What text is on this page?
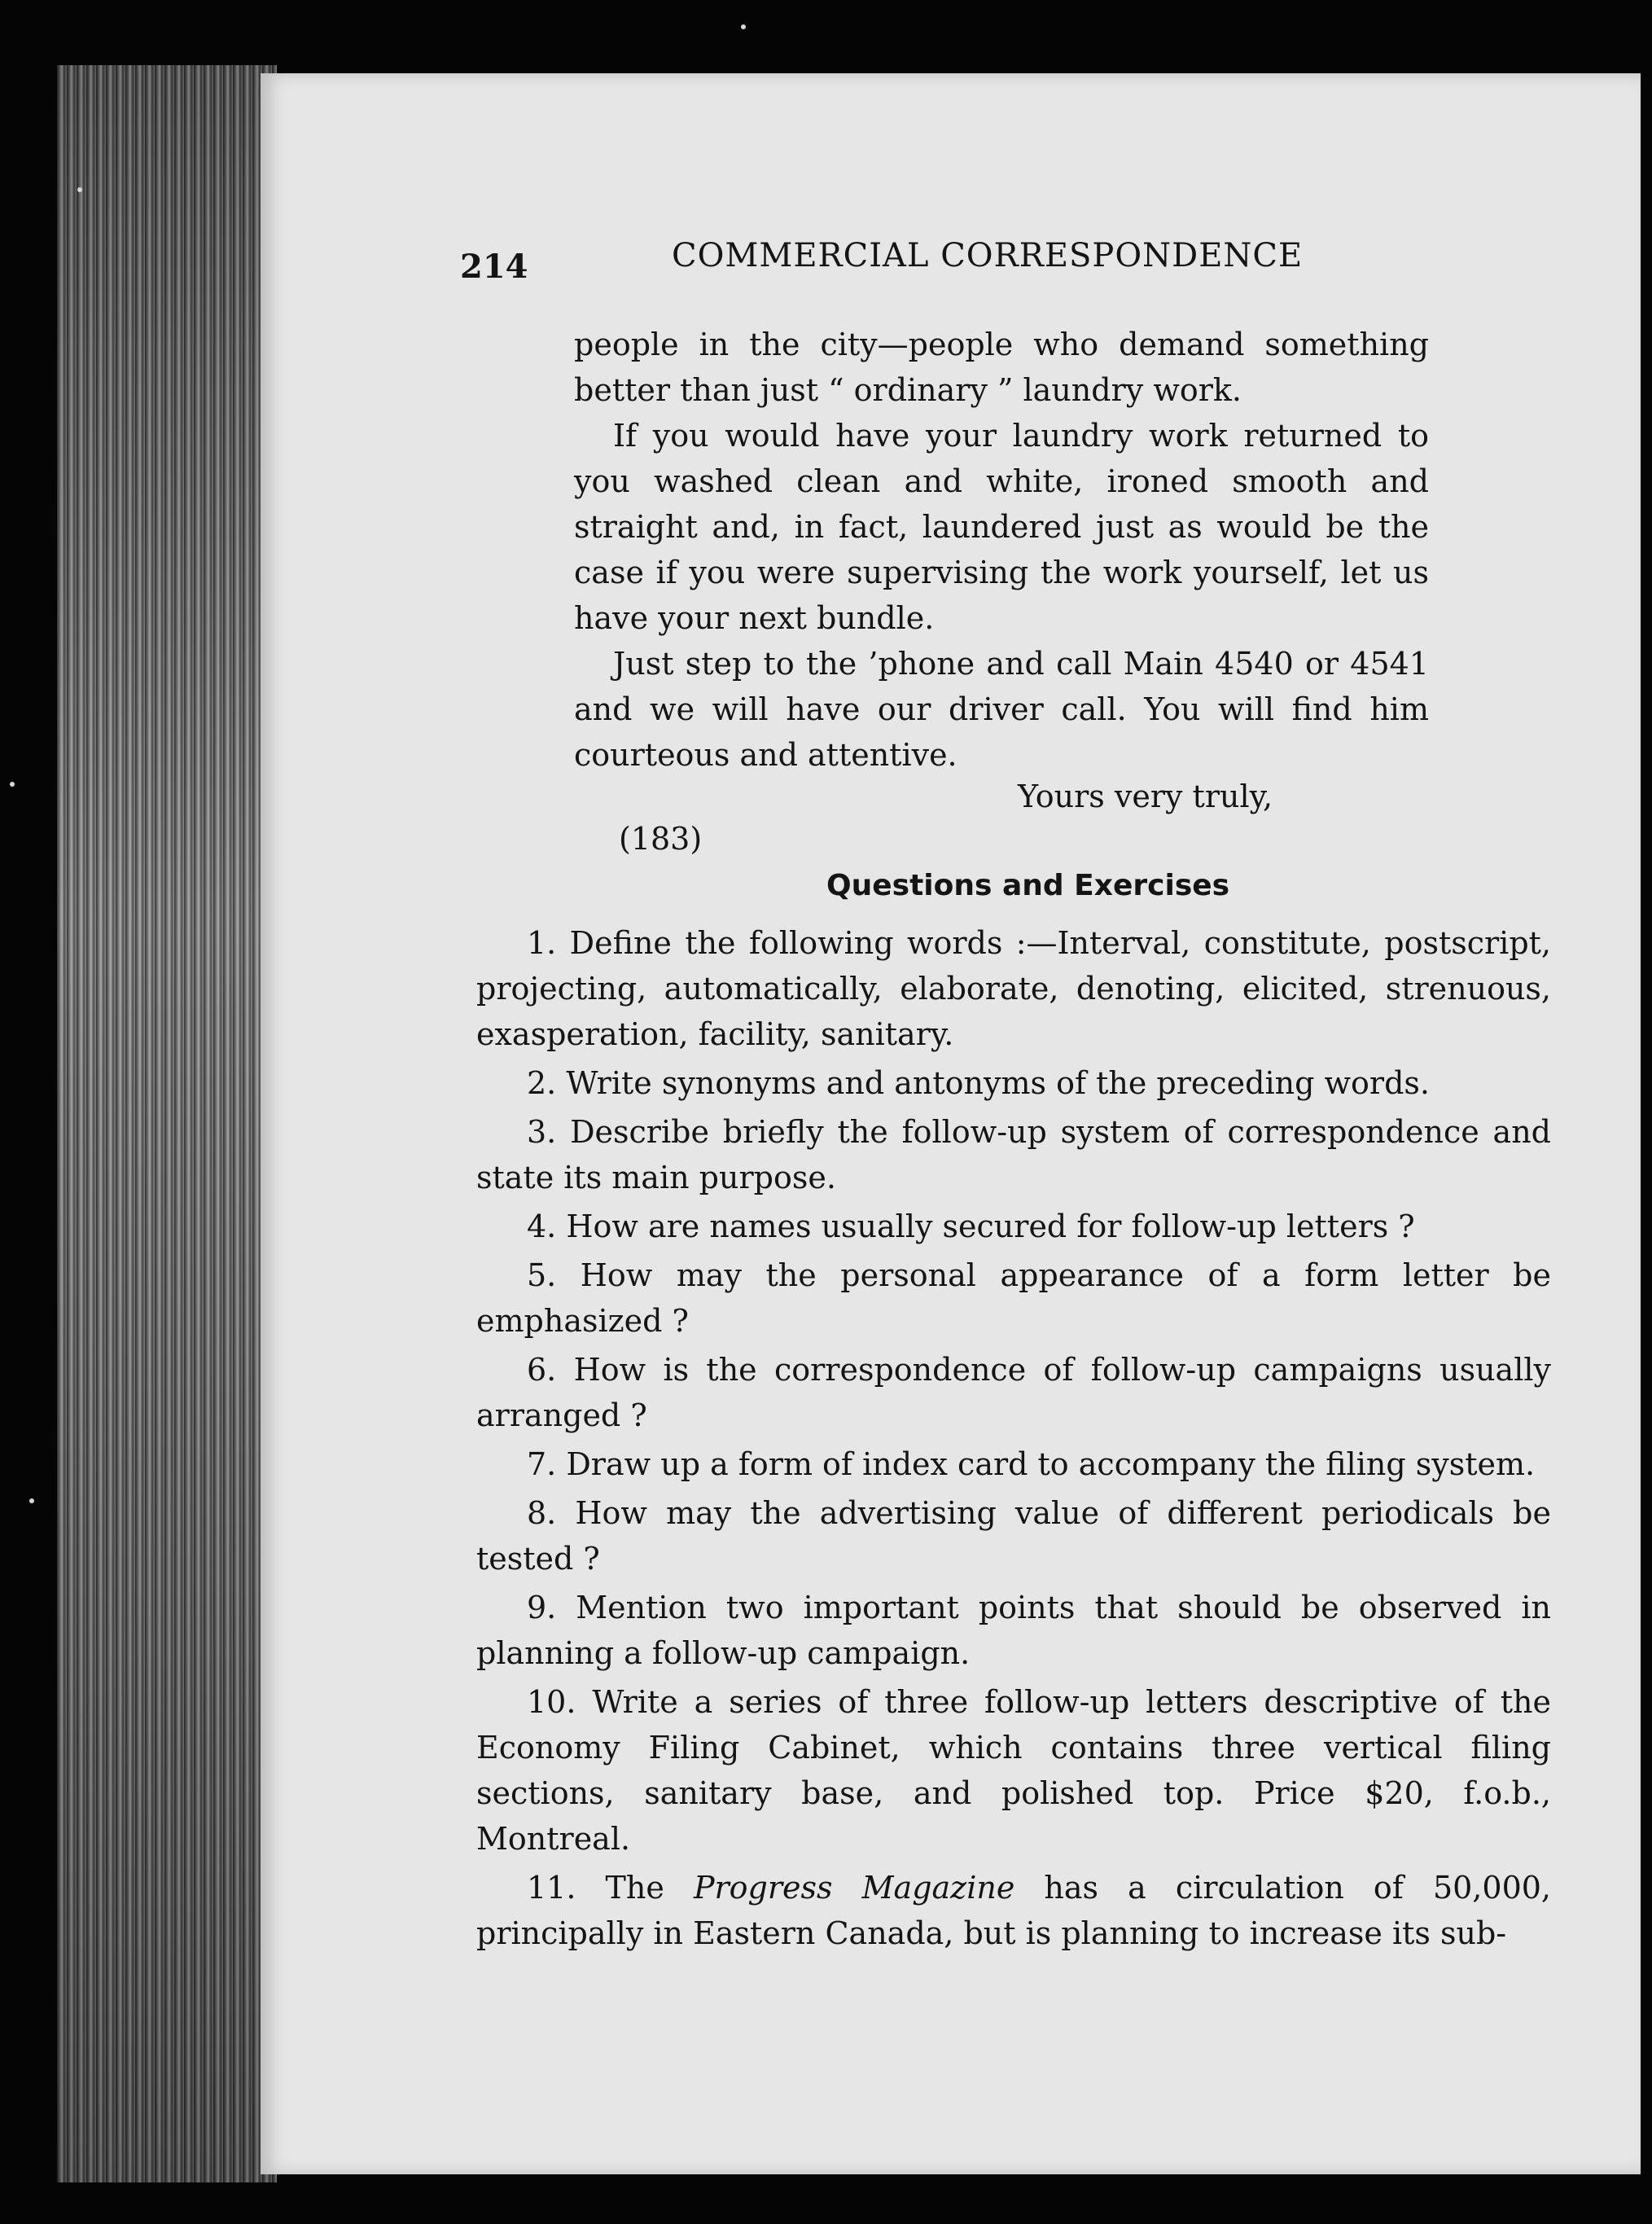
214	COMMERCIAL CORRESPONDENCE

people in the city—people who demand something better than just “ ordinary ” laundry work.

If you would have your laundry work returned to you washed clean and white, ironed smooth and straight and, in fact, laundered just as would be the case if you were supervising the work yourself, let us have your next bundle.

Just step to the ’phone and call Main 4540 or 4541 and we will have our driver call. You will find him courteous and attentive.

Yours very truly,
(183)
Questions and Exercises

1. Define the following words :—Interval, constitute, postscript, projecting, automatically, elaborate, denoting, elicited, strenuous, exasperation, facility, sanitary.

2. Write synonyms and antonyms of the preceding words.

3. Describe briefly the follow-up system of correspondence and state its main purpose.

4. How are names usually secured for follow-up letters ?

5. How may the personal appearance of a form letter be emphasized ?

6. How is the correspondence of follow-up campaigns usually arranged ?

7. Draw up a form of index card to accompany the filing system.

8. How may the advertising value of different periodicals be tested ?

9. Mention two important points that should be observed in planning a follow-up campaign.

10. Write a series of three follow-up letters descriptive of the Economy Filing Cabinet, which contains three vertical filing sections, sanitary base, and polished top. Price $20, f.o.b., Montreal.

11. The Progress Magazine has a circulation of 50,000, principally in Eastern Canada, but is planning to increase its sub-
